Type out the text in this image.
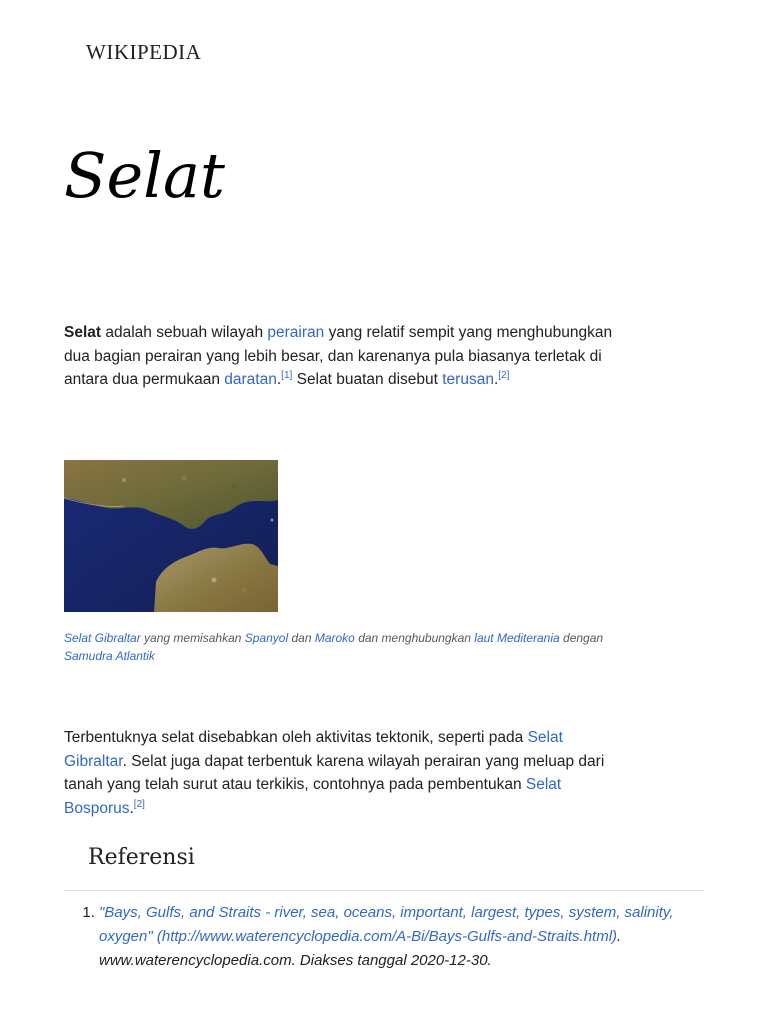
WIKIPEDIA
Selat

Selat adalah sebuah wilayah perairan yang relatif sempit yang menghubungkan dua bagian perairan yang lebih besar, dan karenanya pula biasanya terletak di antara dua permukaan daratan.[1] Selat buatan disebut terusan.[2]

Selat Gibraltar yang memisahkan Spanyol dan Maroko dan menghubungkan laut Mediterania dengan Samudra Atlantik

Terbentuknya selat disebabkan oleh aktivitas tektonik, seperti pada Selat Gibraltar. Selat juga dapat terbentuk karena wilayah perairan yang meluap dari tanah yang telah surut atau terkikis, contohnya pada pembentukan Selat Bosporus.[2]

Referensi
1. "Bays, Gulfs, and Straits - river, sea, oceans, important, largest, types, system, salinity, oxygen" (http://www.waterencyclopedia.com/A-Bi/Bays-Gulfs-and-Straits.html). www.waterencyclopedia.com. Diakses tanggal 2020-12-30.
